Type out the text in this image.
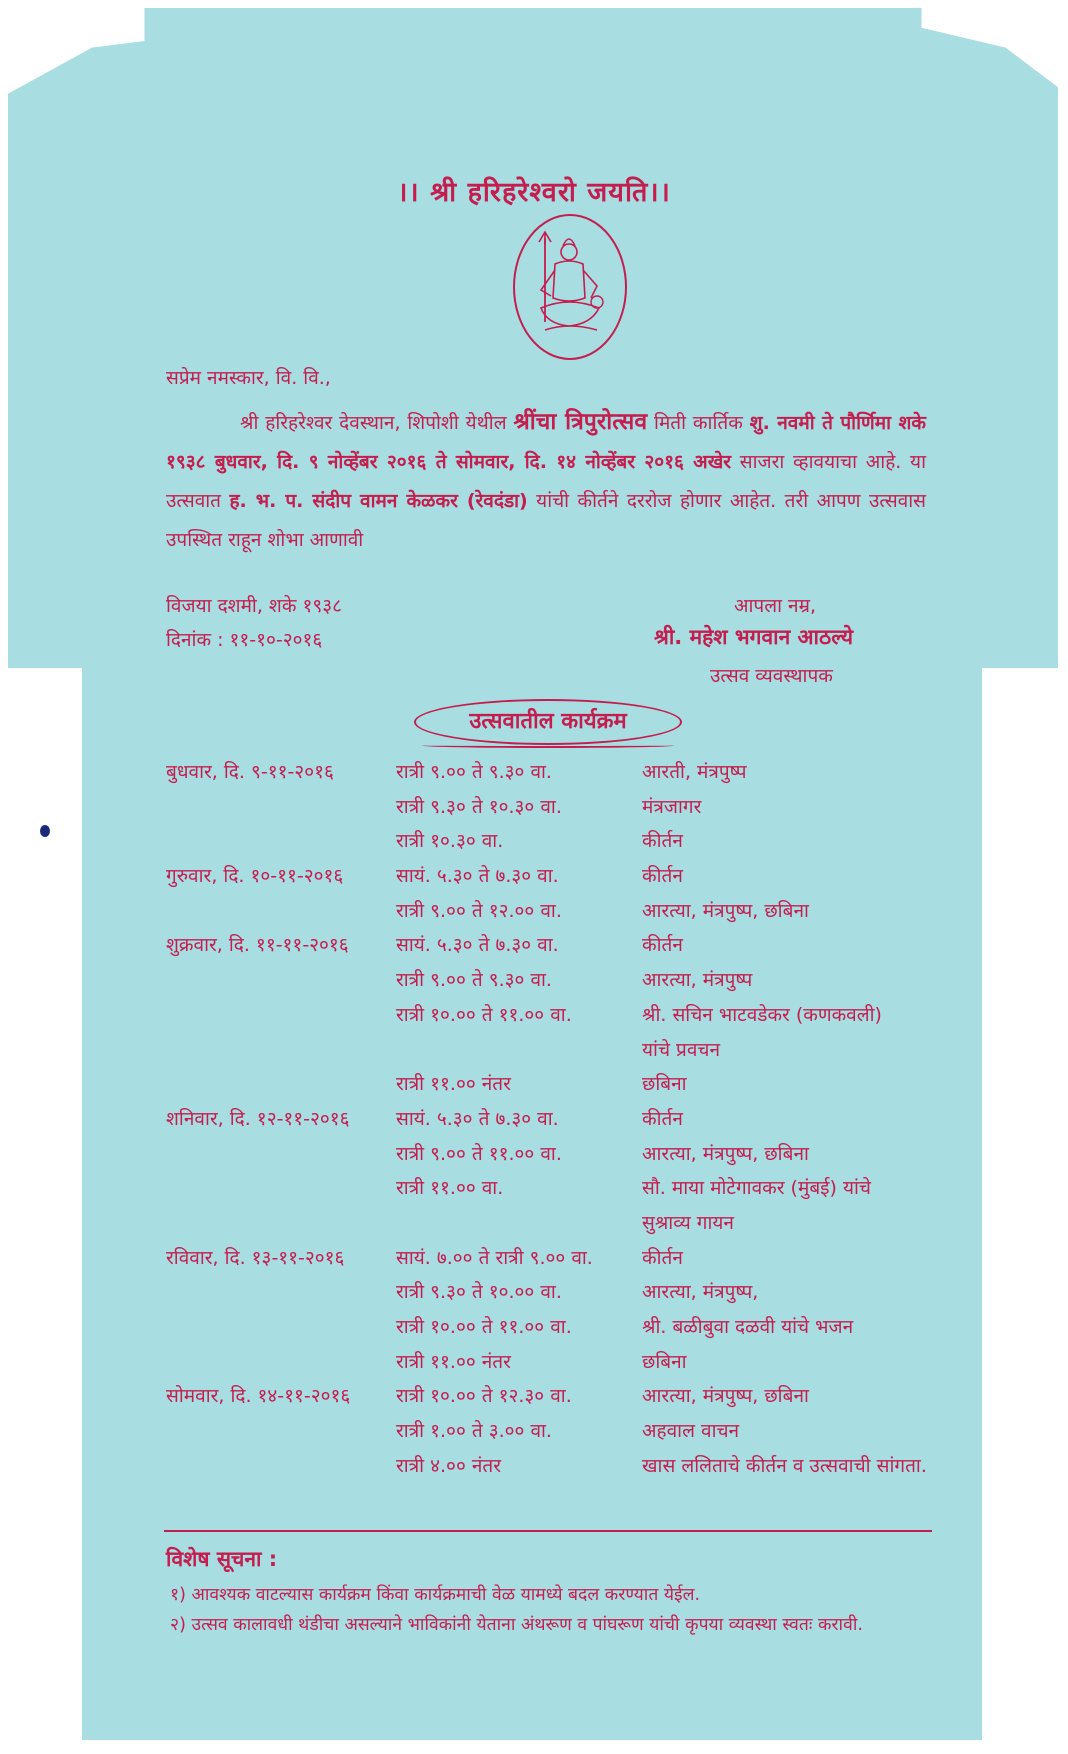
।। श्री हरिहरेश्वरो जयति।।
सप्रेम नमस्कार, वि. वि.,
श्री हरिहरेश्वर देवस्थान, शिपोशी येथील श्रींचा त्रिपुरोत्सव मिती कार्तिक शु. नवमी ते पौर्णिमा शके १९३८ बुधवार, दि. ९ नोव्हेंबर २०१६ ते सोमवार, दि. १४ नोव्हेंबर २०१६ अखेर साजरा व्हावयाचा आहे. या उत्सवात ह. भ. प. संदीप वामन केळकर (रेवदंडा) यांची कीर्तने दररोज होणार आहेत. तरी आपण उत्सवास उपस्थित राहून शोभा आणावी
विजया दशमी, शके १९३८
दिनांक : ११-१०-२०१६
आपला नम्र,
श्री. महेश भगवान आठल्ये
उत्सव व्यवस्थापक
उत्सवातील कार्यक्रम
बुधवार, दि. ९-११-२०१६	रात्री ९.०० ते ९.३० वा.	आरती, मंत्रपुष्प
रात्री ९.३० ते १०.३० वा.	मंत्रजागर
रात्री १०.३० वा.	कीर्तन
गुरुवार, दि. १०-११-२०१६	सायं. ५.३० ते ७.३० वा.	कीर्तन
रात्री ९.०० ते १२.०० वा.	आरत्या, मंत्रपुष्प, छबिना
शुक्रवार, दि. ११-११-२०१६ सायं. ५.३० ते ७.३० वा.	कीर्तन
रात्री ९.०० ते ९.३० वा.	आरत्या, मंत्रपुष्प
रात्री १०.०० ते ११.०० वा.	श्री. सचिन भाटवडेकर (कणकवली)
यांचे प्रवचन
रात्री ११.०० नंतर	छबिना
शनिवार, दि. १२-११-२०१६ सायं. ५.३० ते ७.३० वा.	कीर्तन
रात्री ९.०० ते ११.०० वा.	आरत्या, मंत्रपुष्प, छबिना
रात्री ११.०० वा.	सौ. माया मोटेगावकर (मुंबई) यांचे
सुश्राव्य गायन
रविवार, दि. १३-११-२०१६	सायं. ७.०० ते रात्री ९.०० वा.	कीर्तन
रात्री ९.३० ते १०.०० वा.	आरत्या, मंत्रपुष्प,
रात्री १०.०० ते ११.०० वा.	श्री. बळीबुवा दळवी यांचे भजन
रात्री ११.०० नंतर	छबिना
सोमवार, दि. १४-११-२०१६ रात्री १०.०० ते १२.३० वा.	आरत्या, मंत्रपुष्प, छबिना
रात्री १.०० ते ३.०० वा.	अहवाल वाचन
रात्री ४.०० नंतर	खास ललिताचे कीर्तन व उत्सवाची सांगता.
विशेष सूचना :
१) आवश्यक वाटल्यास कार्यक्रम किंवा कार्यक्रमाची वेळ यामध्ये बदल करण्यात येईल.
२) उत्सव कालावधी थंडीचा असल्याने भाविकांनी येताना अंथरूण व पांघरूण यांची कृपया व्यवस्था स्वतः करावी.
